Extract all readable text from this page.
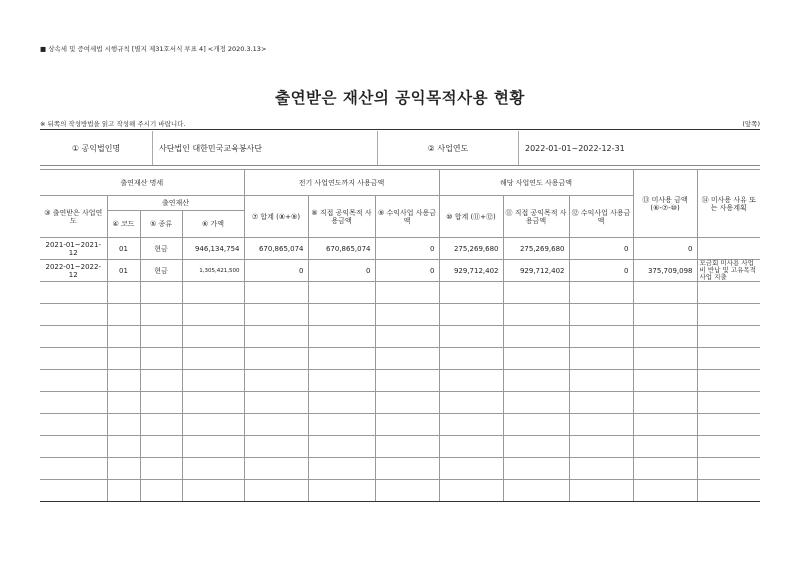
■ 상속세 및 증여세법 시행규칙 [별지 제31호서식 부표 4] <개정 2020.3.13>
출연받은 재산의 공익목적사용 현황
※ 뒤쪽의 작성방법을 읽고 작성해 주시기 바랍니다.	(앞쪽)
① 공익법인명	사단법인 대한민국교육봉사단	② 사업연도	2022-01-01~2022-12-31
출연재산 명세				전기 사업연도까지 사용금액			해당 사업연도 사용금액			⑬ 미사용 금액 (⑥-⑦-⑩)	⑭ 미사용 사유 또는 사용계획
③ 출연받은 사업연도	출연재산			⑦ 합계 (⑧+⑨)	⑧ 직접 공익목적 사용금액	⑨ 수익사업 사용금액	⑩ 합계 (⑪+⑫)	⑪ 직접 공익목적 사용금액	⑫ 수익사업 사용금액		
	④ 코드	⑤ 종류	⑥ 가액								
2021-01~2021-12	01	현금	946,134,754	670,865,074	670,865,074	0	275,269,680	275,269,680	0	0	
2022-01~2022-12	01	현금	1,305,421,500	0	0	0	929,712,402	929,712,402	0	375,709,098	모금회 미사용 사업비 반납 및 고유목적사업 지출
